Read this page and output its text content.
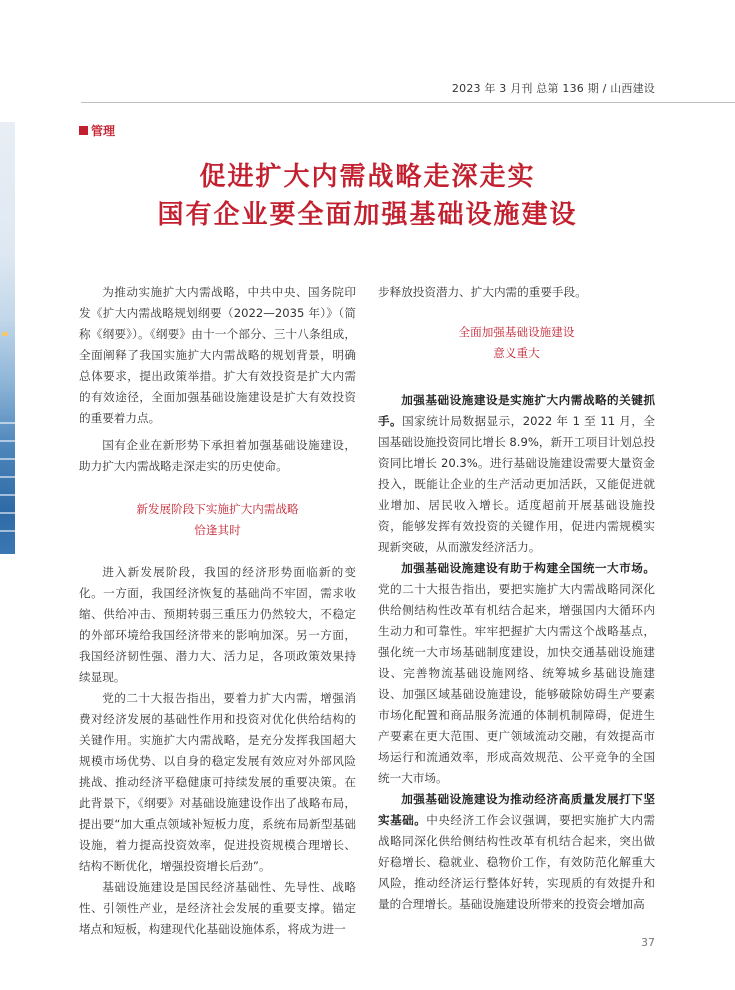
2023 年 3 月刊 总第 136 期 / 山西建设
管理
促进扩大内需战略走深走实
国有企业要全面加强基础设施建设

为推动实施扩大内需战略，中共中央、国务院印发《扩大内需战略规划纲要（2022—2035 年）》（简称《纲要》）。《纲要》由十一个部分、三十八条组成，全面阐释了我国实施扩大内需战略的规划背景，明确总体要求，提出政策举措。扩大有效投资是扩大内需的有效途径，全面加强基础设施建设是扩大有效投资的重要着力点。

国有企业在新形势下承担着加强基础设施建设，助力扩大内需战略走深走实的历史使命。

新发展阶段下实施扩大内需战略
恰逢其时

进入新发展阶段，我国的经济形势面临新的变化。一方面，我国经济恢复的基础尚不牢固，需求收缩、供给冲击、预期转弱三重压力仍然较大，不稳定的外部环境给我国经济带来的影响加深。另一方面，我国经济韧性强、潜力大、活力足，各项政策效果持续显现。

党的二十大报告指出，要着力扩大内需，增强消费对经济发展的基础性作用和投资对优化供给结构的关键作用。实施扩大内需战略，是充分发挥我国超大规模市场优势、以自身的稳定发展有效应对外部风险挑战、推动经济平稳健康可持续发展的重要决策。在此背景下，《纲要》对基础设施建设作出了战略布局，提出要“加大重点领域补短板力度，系统布局新型基础设施，着力提高投资效率，促进投资规模合理增长、结构不断优化，增强投资增长后劲”。

基础设施建设是国民经济基础性、先导性、战略性、引领性产业，是经济社会发展的重要支撑。锚定堵点和短板，构建现代化基础设施体系，将成为进一

步释放投资潜力、扩大内需的重要手段。

全面加强基础设施建设
意义重大

加强基础设施建设是实施扩大内需战略的关键抓手。国家统计局数据显示，2022 年 1 至 11 月，全国基础设施投资同比增长 8.9%，新开工项目计划总投资同比增长 20.3%。进行基础设施建设需要大量资金投入，既能让企业的生产活动更加活跃，又能促进就业增加、居民收入增长。适度超前开展基础设施投资，能够发挥有效投资的关键作用，促进内需规模实现新突破，从而激发经济活力。

加强基础设施建设有助于构建全国统一大市场。党的二十大报告指出，要把实施扩大内需战略同深化供给侧结构性改革有机结合起来，增强国内大循环内生动力和可靠性。牢牢把握扩大内需这个战略基点，强化统一大市场基础制度建设，加快交通基础设施建设、完善物流基础设施网络、统筹城乡基础设施建设、加强区域基础设施建设，能够破除妨碍生产要素市场化配置和商品服务流通的体制机制障碍，促进生产要素在更大范围、更广领域流动交融，有效提高市场运行和流通效率，形成高效规范、公平竞争的全国统一大市场。

加强基础设施建设为推动经济高质量发展打下坚实基础。中央经济工作会议强调，要把实施扩大内需战略同深化供给侧结构性改革有机结合起来，突出做好稳增长、稳就业、稳物价工作，有效防范化解重大风险，推动经济运行整体好转，实现质的有效提升和量的合理增长。基础设施建设所带来的投资会增加高

37
